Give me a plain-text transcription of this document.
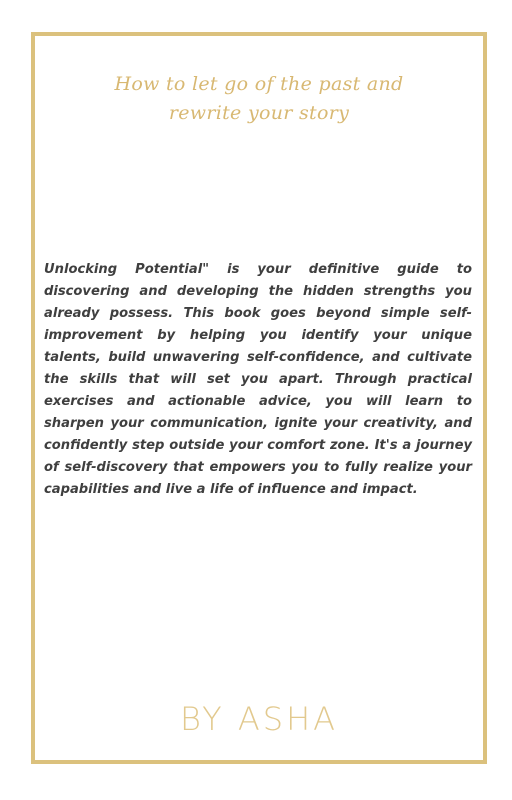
How to let go of the past and
rewrite your story

Unlocking Potential" is your definitive guide to discovering and developing the hidden strengths you already possess. This book goes beyond simple self-improvement by helping you identify your unique talents, build unwavering self-confidence, and cultivate the skills that will set you apart. Through practical exercises and actionable advice, you will learn to sharpen your communication, ignite your creativity, and confidently step outside your comfort zone. It's a journey of self-discovery that empowers you to fully realize your capabilities and live a life of influence and impact.

BY ASHA
